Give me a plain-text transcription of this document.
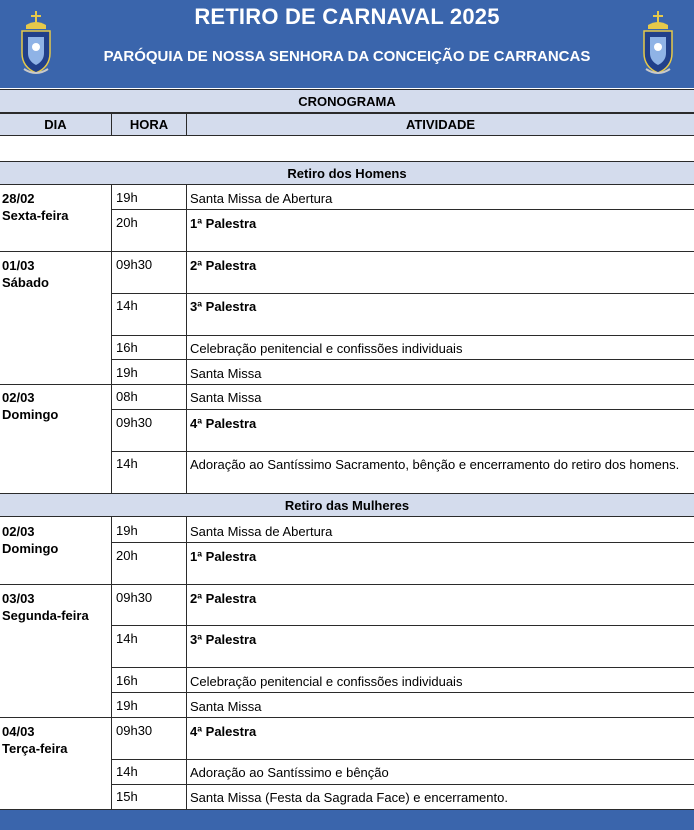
RETIRO DE CARNAVAL 2025
PARÓQUIA DE NOSSA SENHORA DA CONCEIÇÃO DE CARRANCAS
CRONOGRAMA
DIA	HORA	ATIVIDADE
Retiro dos Homens
28/02
Sexta-feira
19h	Santa Missa de Abertura
20h	1ª Palestra
01/03
Sábado
09h30	2ª Palestra
14h	3ª Palestra
16h	Celebração penitencial e confissões individuais
19h	Santa Missa
02/03
Domingo
08h	Santa Missa
09h30	4ª Palestra
14h	Adoração ao Santíssimo Sacramento, bênção e encerramento do retiro dos homens.
Retiro das Mulheres
02/03
Domingo
19h	Santa Missa de Abertura
20h	1ª Palestra
03/03
Segunda-feira
09h30	2ª Palestra
14h	3ª Palestra
16h	Celebração penitencial e confissões individuais
19h	Santa Missa
04/03
Terça-feira
09h30	4ª Palestra
14h	Adoração ao Santíssimo e bênção
15h	Santa Missa (Festa da Sagrada Face) e encerramento.
